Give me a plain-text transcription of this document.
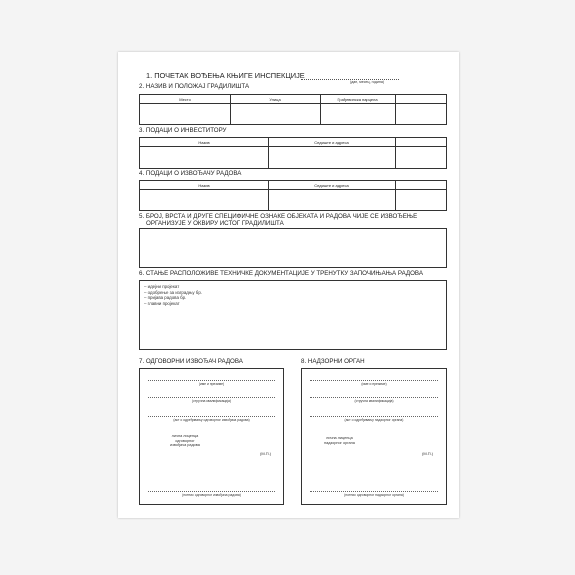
1. ПОЧЕТАК ВОЂЕЊА КЊИГЕ ИНСПЕКЦИЈЕ
(дан, месец, година)
2. НАЗИВ И ПОЛОЖАЈ ГРАДИЛИШТА
Место	Улица	Грађевинска парцела
3. ПОДАЦИ О ИНВЕСТИТОРУ
Назив	Седиште и адреса
4. ПОДАЦИ О ИЗВОЂАЧУ РАДОВА
Назив	Седиште и адреса
5. БРОЈ, ВРСТА И ДРУГЕ СПЕЦИФИЧНЕ ОЗНАКЕ ОБЈЕКАТА И РАДОВА ЧИЈЕ СЕ ИЗВОЂЕЊЕ
ОРГАНИЗУЈЕ У ОКВИРУ ИСТОГ ГРАДИЛИШТА
6. СТАЊЕ РАСПОЛОЖИВЕ ТЕХНИЧКЕ ДОКУМЕНТАЦИЈЕ У ТРЕНУТКУ ЗАПОЧИЊАЊА РАДОВА
– идејни пројекат
– одобрење за изградњу бр.
– пријава радова бр.
– главни пројекат
7. ОДГОВОРНИ ИЗВОЂАЧ РАДОВА
(име и презиме)
(стручна квалификација)
(акт о одређивању одговорног извођача радова)
лична лиценца
одговорног
извођача радова
(М.П.)
(потпис одговорног извођача радова)
8. НАДЗОРНИ ОРГАН
(име и презиме)
(стручна квалификација)
(акт о одређивању надзорног органа)
лична лиценца
надзорног органа
(М.П.)
(потпис одговорног надзорног органа)
